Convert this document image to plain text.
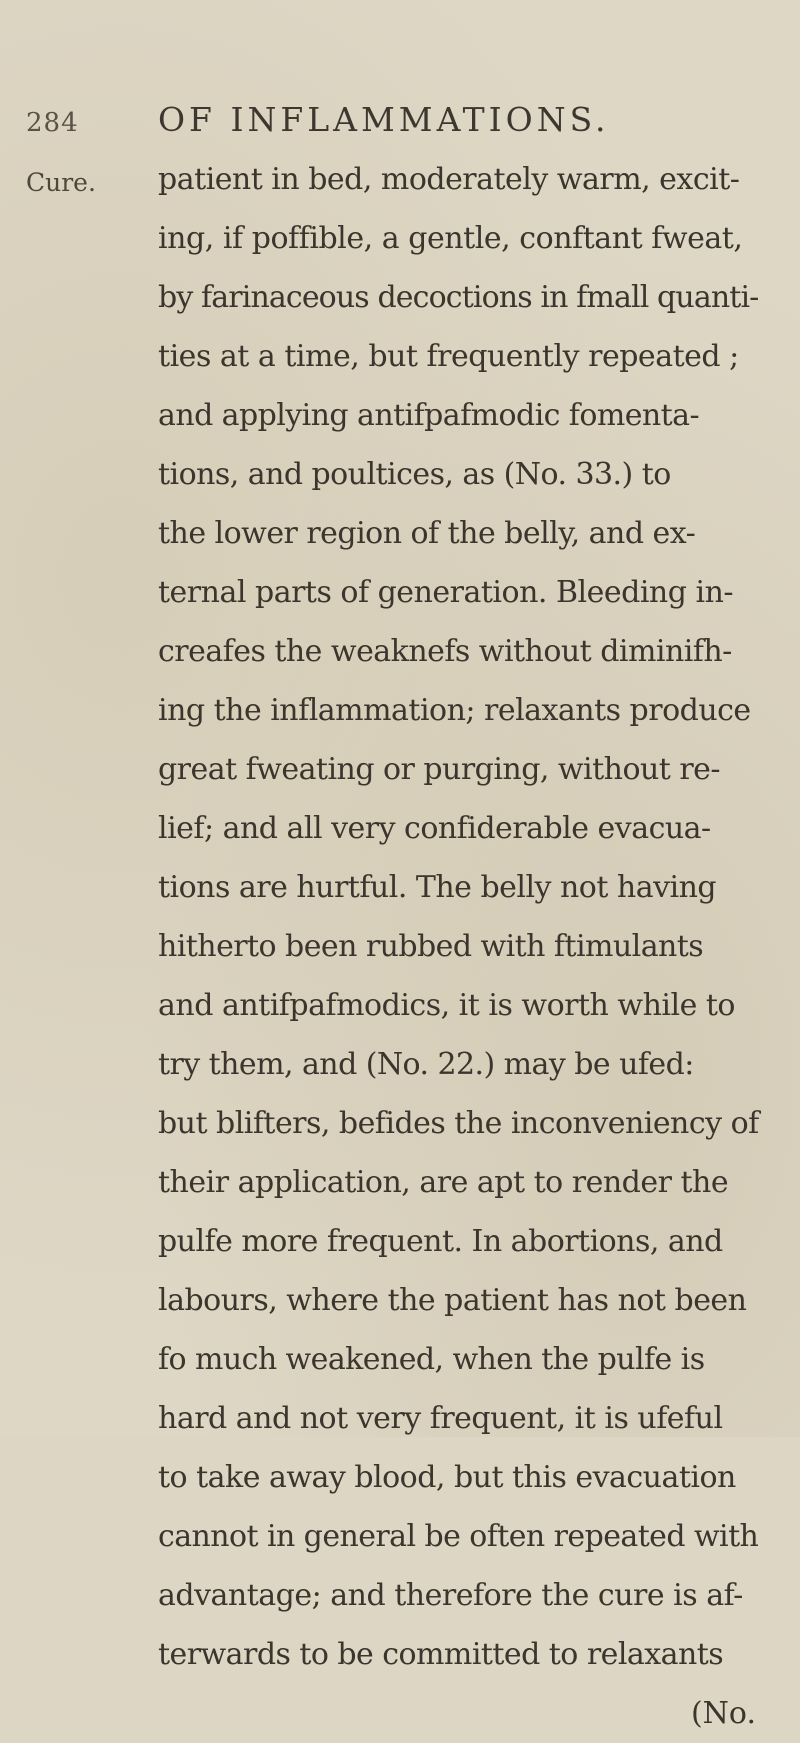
284 OF INFLAMMATIONS.
Cure. patient in bed, moderately warm, excit-
ing, if poffible, a gentle, conftant fweat,
by farinaceous decoctions in fmall quanti-
ties at a time, but frequently repeated ;
and applying antifpafmodic fomenta-
tions, and poultices, as (No. 33.) to
the lower region of the belly, and ex-
ternal parts of generation. Bleeding in-
creafes the weaknefs without diminifh-
ing the inflammation; relaxants produce
great fweating or purging, without re-
lief; and all very confiderable evacua-
tions are hurtful. The belly not having
hitherto been rubbed with ftimulants
and antifpafmodics, it is worth while to
try them, and (No. 22.) may be ufed:
but blifters, befides the inconveniency of
their application, are apt to render the
pulfe more frequent. In abortions, and
labours, where the patient has not been
fo much weakened, when the pulfe is
hard and not very frequent, it is ufeful
to take away blood, but this evacuation
cannot in general be often repeated with
advantage; and therefore the cure is af-
terwards to be committed to relaxants
(No.
